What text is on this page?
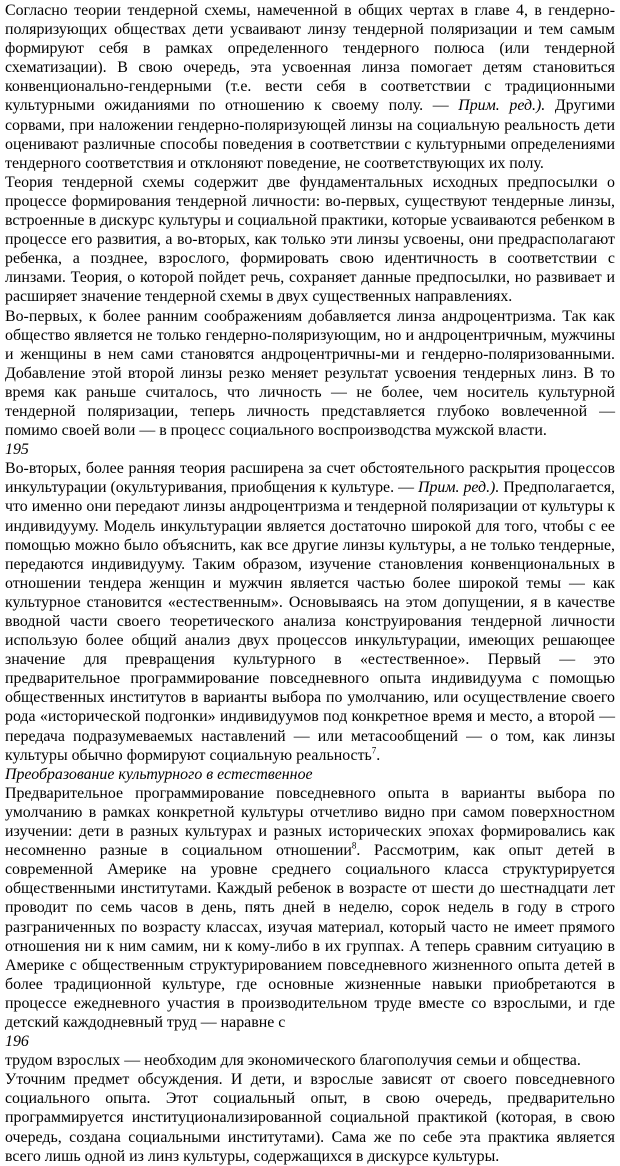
Согласно теории тендерной схемы, намеченной в общих чертах в главе 4, в гендерно-поляризующих обществах дети усваивают линзу тендерной поляризации и тем самым формируют себя в рамках определенного тендерного полюса (или тендерной схематизации). В свою очередь, эта усвоенная линза помогает детям становиться конвенционально-гендерными (т.е. вести себя в соответствии с традиционными культурными ожиданиями по отношению к своему полу. — Прим. ред.). Другими сорвами, при наложении гендерно-поляризующей линзы на социальную реальность дети оценивают различные способы поведения в соответствии с культурными определениями тендерного соответствия и отклоняют поведение, не соответствующих их полу.

Теория тендерной схемы содержит две фундаментальных исходных предпосылки о процессе формирования тендерной личности: во-первых, существуют тендерные линзы, встроенные в дискурс культуры и социальной практики, которые усваиваются ребенком в процессе его развития, а во-вторых, как только эти линзы усвоены, они предрасполагают ребенка, а позднее, взрослого, формировать свою идентичность в соответствии с линзами. Теория, о которой пойдет речь, сохраняет данные предпосылки, но развивает и расширяет значение тендерной схемы в двух существенных направлениях.

Во-первых, к более ранним соображениям добавляется линза андроцентризма. Так как общество является не только гендерно-поляризующим, но и андроцентричным, мужчины и женщины в нем сами становятся андроцентричны-ми и гендерно-поляризованными. Добавление этой второй линзы резко меняет результат усвоения тендерных линз. В то время как раньше считалось, что личность — не более, чем носитель культурной тендерной поляризации, теперь личность представляется глубоко вовлеченной — помимо своей воли — в процесс социального воспроизводства мужской власти.

195

Во-вторых, более ранняя теория расширена за счет обстоятельного раскрытия процессов инкультурации (окультуривания, приобщения к культуре. — Прим. ред.). Предполагается, что именно они передают линзы андроцентризма и тендерной поляризации от культуры к индивидууму. Модель инкультурации является достаточно широкой для того, чтобы с ее помощью можно было объяснить, как все другие линзы культуры, а не только тендерные, передаются индивидууму. Таким образом, изучение становления конвенциональных в отношении тендера женщин и мужчин является частью более широкой темы — как культурное становится «естественным». Основываясь на этом допущении, я в качестве вводной части своего теоретического анализа конструирования тендерной личности использую более общий анализ двух процессов инкультурации, имеющих решающее значение для превращения культурного в «естественное». Первый — это предварительное программирование повседневного опыта индивидуума с помощью общественных институтов в варианты выбора по умолчанию, или осуществление своего рода «исторической подгонки» индивидуумов под конкретное время и место, а второй — передача подразумеваемых наставлений — или метасообщений — о том, как линзы культуры обычно формируют социальную реальность$^7$.

Преобразование культурного в естественное

Предварительное программирование повседневного опыта в варианты выбора по умолчанию в рамках конкретной культуры отчетливо видно при самом поверхностном изучении: дети в разных культурах и разных исторических эпохах формировались как несомненно разные в социальном отношении$^8$. Рассмотрим, как опыт детей в современной Америке на уровне среднего социального класса структурируется общественными институтами. Каждый ребенок в возрасте от шести до шестнадцати лет проводит по семь часов в день, пять дней в неделю, сорок недель в году в строго разграниченных по возрасту классах, изучая материал, который часто не имеет прямого отношения ни к ним самим, ни к кому-либо в их группах. А теперь сравним ситуацию в Америке с общественным структурированием повседневного жизненного опыта детей в более традиционной культуре, где основные жизненные навыки приобретаются в процессе ежедневного участия в производительном труде вместе со взрослыми, и где детский каждодневный труд — наравне с

196

трудом взрослых — необходим для экономического благополучия семьи и общества.

Уточним предмет обсуждения. И дети, и взрослые зависят от своего повседневного социального опыта. Этот социальный опыт, в свою очередь, предварительно программируется институционализированной социальной практикой (которая, в свою очередь, создана социальными институтами). Сама же по себе эта практика является всего лишь одной из линз культуры, содержащихся в дискурсе культуры.
